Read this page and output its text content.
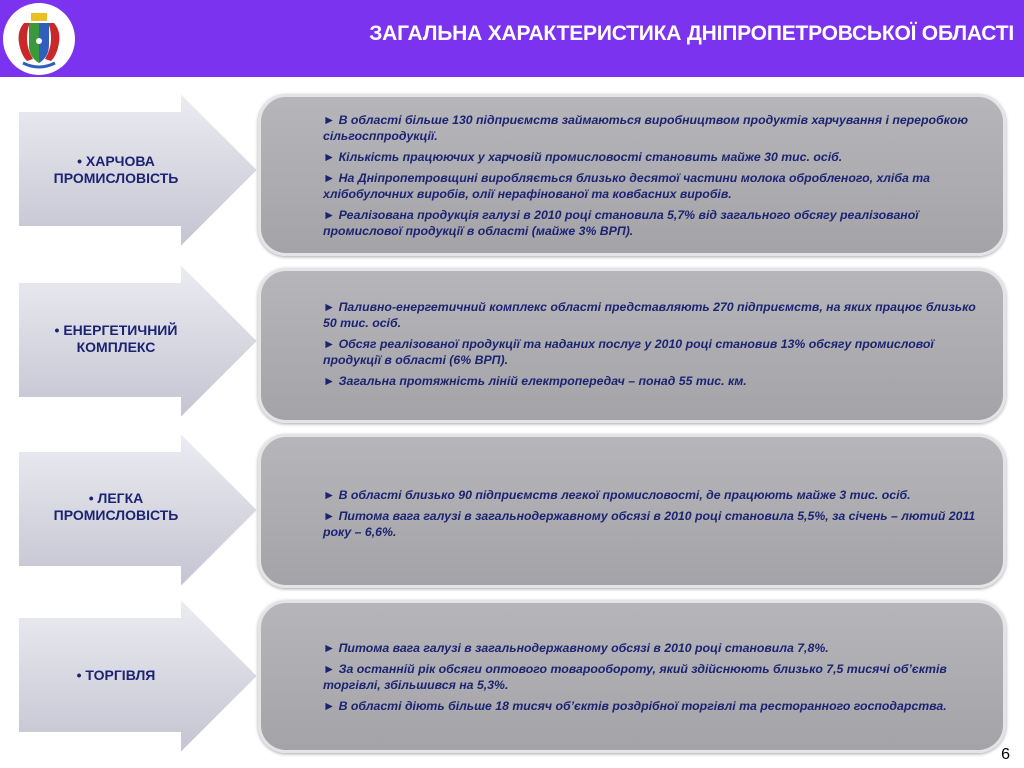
ЗАГАЛЬНА ХАРАКТЕРИСТИКА ДНІПРОПЕТРОВСЬКОЇ ОБЛАСТІ
• ХАРЧОВА
ПРОМИСЛОВІСТЬ

► В області більше 130 підприємств займаються виробництвом продуктів харчування і переробкою сільгосппродукції.

► Кількість працюючих у харчовій промисловості становить майже 30 тис. осіб.

► На Дніпропетровщині виробляється близько десятої частини молока обробленого, хліба та хлібобулочних виробів, олії нерафінованої та ковбасних виробів.

► Реалізована продукція галузі в 2010 році становила 5,7% від загального обсягу реалізованої промислової продукції в області (майже 3% ВРП).

• ЕНЕРГЕТИЧНИЙ
КОМПЛЕКС

► Паливно-енергетичний комплекс області представляють 270 підприємств, на яких працює близько 50 тис. осіб.

► Обсяг реалізованої продукції та наданих послуг у 2010 році становив 13% обсягу промислової продукції в області (6% ВРП).

► Загальна протяжність ліній електропередач – понад 55 тис. км.

• ЛЕГКА
ПРОМИСЛОВІСТЬ

► В області близько 90 підприємств легкої промисловості, де працюють майже 3 тис. осіб.

► Питома вага галузі в загальнодержавному обсязі в 2010 році становила 5,5%, за січень – лютий 2011 року – 6,6%.

• ТОРГІВЛЯ

► Питома вага галузі в загальнодержавному обсязі в 2010 році становила 7,8%.

► За останній рік обсяги оптового товарообороту, який здійснюють близько 7,5 тисячі об’єктів торгівлі, збільшився на 5,3%.

► В області діють більше 18 тисяч об’єктів роздрібної торгівлі та ресторанного господарства.

6
